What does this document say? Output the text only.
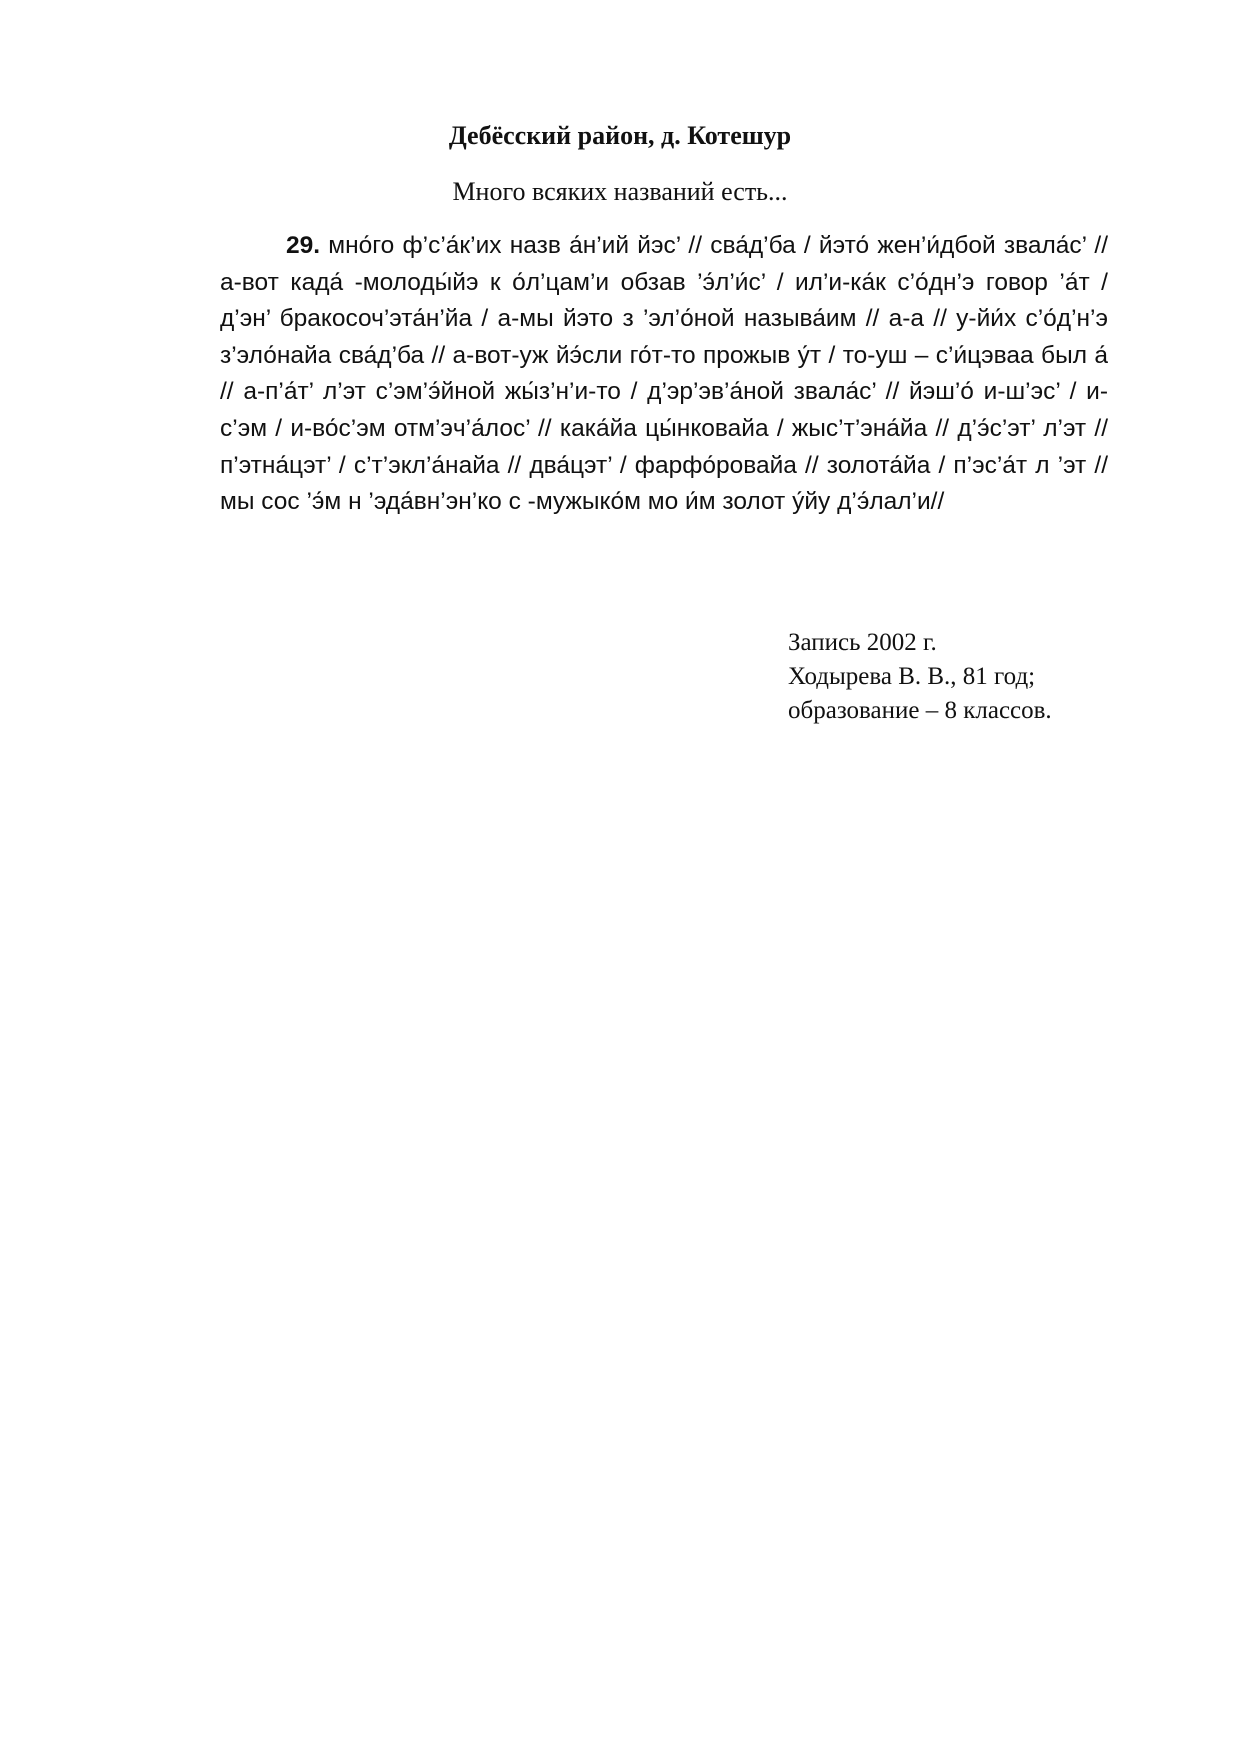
Дебёсский район, д. Котешур
Много всяких названий есть...
29. мно́го ф’с’а́к’их назв а́н’ий йэс’ // сва́д’ба / йэто́ жен’и́дбой звала́с’ // а-вот када́ -молоды́йэ к о́л’цам’и обзав ’э́л’и́с’ / ил’и-ка́к с’о́дн’э говор ’а́т / д’эн’ бракосоч’эта́н’йа / а-мы йэто з ’эл’о́ной называ́им // а-а // у-йи́х с’о́д’н’э з’эло́найа сва́д’ба // а-вот-уж йэ́сли го́т-то прожыв у́т / то-уш – с’и́цэваа был а́ // а-п’а́т’ л’эт с’эм’э́йной жы́з’н’и-то / д’эр’эв’а́ной звала́с’ // йэш’о́ и-ш’эс’ / и-с’эм / и-во́с’эм отм’эч’а́лос’ // кака́йа цы́нковайа / жыс’т’эна́йа // д’э́с’эт’ л’эт // п’этна́цэт’ / с’т’экл’а́найа // два́цэт’ / фарфо́ровайа // золота́йа / п’эс’а́т л ’эт // мы сос ’э́м н ’эда́вн’эн’ко с -мужыко́м мо и́м золот у́йу д’э́лал’и//
Запись 2002 г.
Ходырева В. В., 81 год;
образование – 8 классов.
